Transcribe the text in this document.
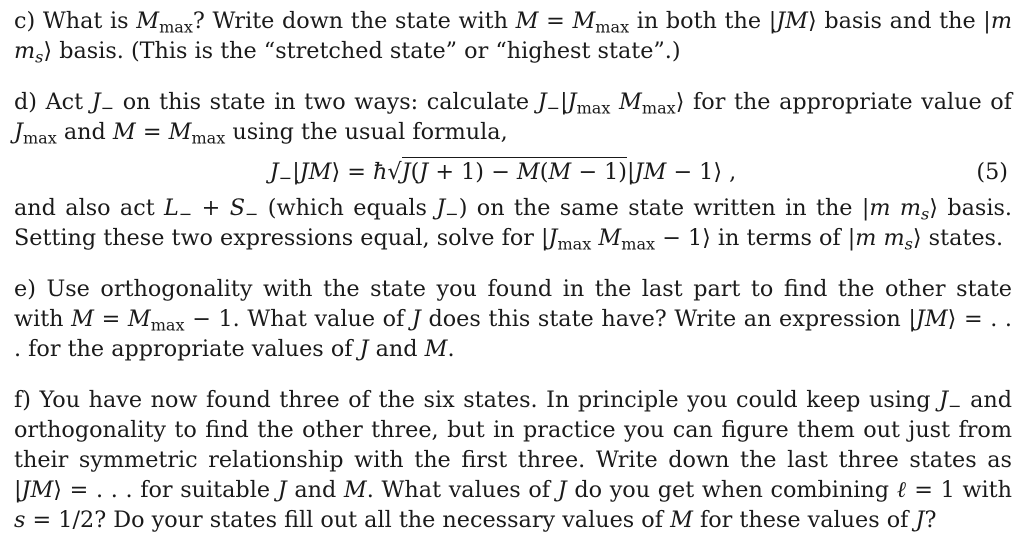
c) What is $M_{max}$? Write down the state with $M = M_{max}$ in both the |JM⟩ basis and the |m $m_s⟩$ basis. (This is the “stretched state” or “highest state”.)

d) Act $J_-$ on this state in two ways: calculate $J_-|J_{max}$ $M_{max}⟩$ for the appropriate value of $J_{max}$ and $M = M_{max}$ using the usual formula,

$J_-|JM⟩$ = ħ√J(J + 1) − M(M − 1)|JM − 1⟩ ,	(5)

and also act $L_- + S_-$ (which equals $J_-$) on the same state written in the |m $m_s⟩$ basis. Setting these two expressions equal, solve for $|J_{max}$ $M_{max}$ − 1⟩ in terms of |m $m_s⟩$ states.

e) Use orthogonality with the state you found in the last part to find the other state with $M = M_{max} - 1$. What value of J does this state have? Write an expression |JM⟩ = . . . for the appropriate values of J and M.

f) You have now found three of the six states. In principle you could keep using $J_-$ and orthogonality to find the other three, but in practice you can figure them out just from their symmetric relationship with the first three. Write down the last three states as |JM⟩ = . . . for suitable J and M. What values of J do you get when combining ℓ = 1 with s = 1/2? Do your states fill out all the necessary values of M for these values of J?
